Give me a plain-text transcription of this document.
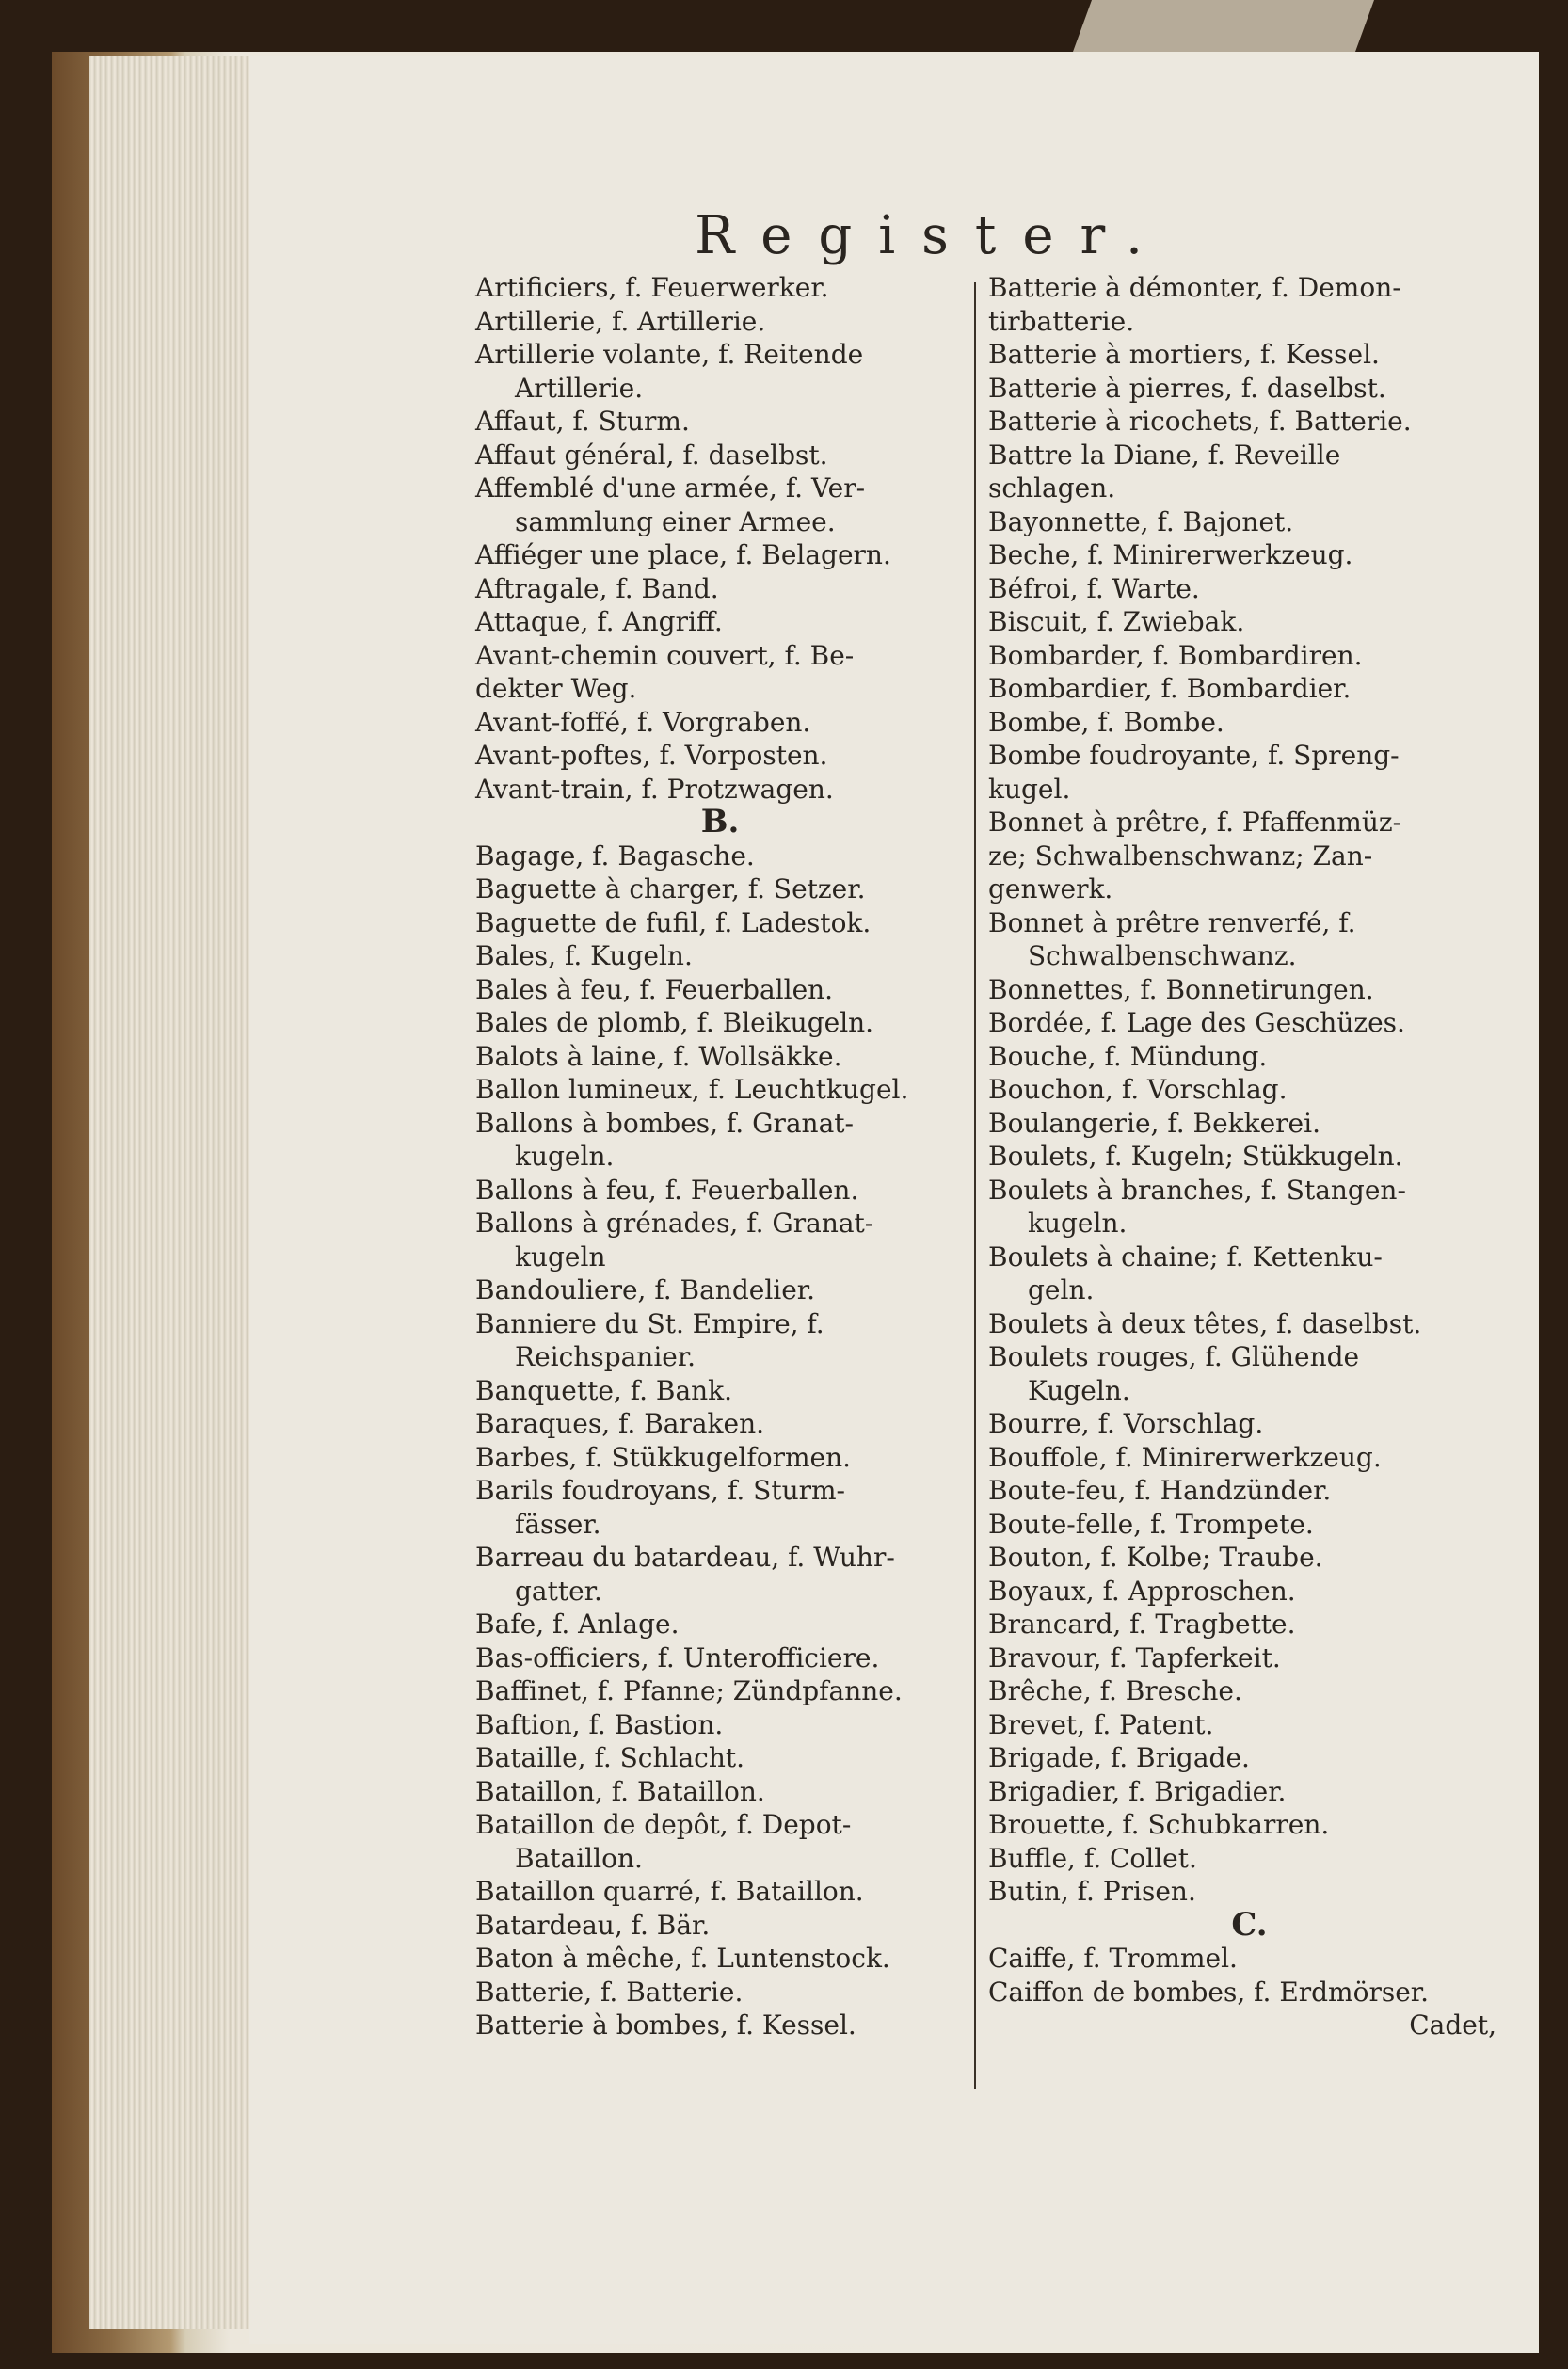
Register.
Artificiers, f. Feuerwerker.
Artillerie, f. Artillerie.
Artillerie volante, f. Reitende
Artillerie.
Affaut, f. Sturm.
Affaut général, f. daselbst.
Affemblé d'une armée, f. Ver-
sammlung einer Armee.
Affiéger une place, f. Belagern.
Aftragale, f. Band.
Attaque, f. Angriff.
Avant-chemin couvert, f. Be-
dekter Weg.
Avant-foffé, f. Vorgraben.
Avant-poftes, f. Vorposten.
Avant-train, f. Protzwagen.
B.
Bagage, f. Bagasche.
Baguette à charger, f. Setzer.
Baguette de fufil, f. Ladestok.
Bales, f. Kugeln.
Bales à feu, f. Feuerballen.
Bales de plomb, f. Bleikugeln.
Balots à laine, f. Wollsäkke.
Ballon lumineux, f. Leuchtkugel.
Ballons à bombes, f. Granat-
kugeln.
Ballons à feu, f. Feuerballen.
Ballons à grénades, f. Granat-
kugeln
Bandouliere, f. Bandelier.
Banniere du St. Empire, f.
Reichspanier.
Banquette, f. Bank.
Baraques, f. Baraken.
Barbes, f. Stükkugelformen.
Barils foudroyans, f. Sturm-
fässer.
Barreau du batardeau, f. Wuhr-
gatter.
Bafe, f. Anlage.
Bas-officiers, f. Unterofficiere.
Baffinet, f. Pfanne; Zündpfanne.
Baftion, f. Bastion.
Bataille, f. Schlacht.
Bataillon, f. Bataillon.
Bataillon de depôt, f. Depot-
Bataillon.
Bataillon quarré, f. Bataillon.
Batardeau, f. Bär.
Baton à mêche, f. Luntenstock.
Batterie, f. Batterie.
Batterie à bombes, f. Kessel.
Batterie à démonter, f. Demon-
tirbatterie.
Batterie à mortiers, f. Kessel.
Batterie à pierres, f. daselbst.
Batterie à ricochets, f. Batterie.
Battre la Diane, f. Reveille
schlagen.
Bayonnette, f. Bajonet.
Beche, f. Minirerwerkzeug.
Béfroi, f. Warte.
Biscuit, f. Zwiebak.
Bombarder, f. Bombardiren.
Bombardier, f. Bombardier.
Bombe, f. Bombe.
Bombe foudroyante, f. Spreng-
kugel.
Bonnet à prêtre, f. Pfaffenmüz-
ze; Schwalbenschwanz; Zan-
genwerk.
Bonnet à prêtre renverfé, f.
Schwalbenschwanz.
Bonnettes, f. Bonnetirungen.
Bordée, f. Lage des Geschüzes.
Bouche, f. Mündung.
Bouchon, f. Vorschlag.
Boulangerie, f. Bekkerei.
Boulets, f. Kugeln; Stükkugeln.
Boulets à branches, f. Stangen-
kugeln.
Boulets à chaine; f. Kettenku-
geln.
Boulets à deux têtes, f. daselbst.
Boulets rouges, f. Glühende
Kugeln.
Bourre, f. Vorschlag.
Bouffole, f. Minirerwerkzeug.
Boute-feu, f. Handzünder.
Boute-felle, f. Trompete.
Bouton, f. Kolbe; Traube.
Boyaux, f. Approschen.
Brancard, f. Tragbette.
Bravour, f. Tapferkeit.
Brêche, f. Bresche.
Brevet, f. Patent.
Brigade, f. Brigade.
Brigadier, f. Brigadier.
Brouette, f. Schubkarren.
Buffle, f. Collet.
Butin, f. Prisen.
C.
Caiffe, f. Trommel.
Caiffon de bombes, f. Erdmörser.
Cadet,
